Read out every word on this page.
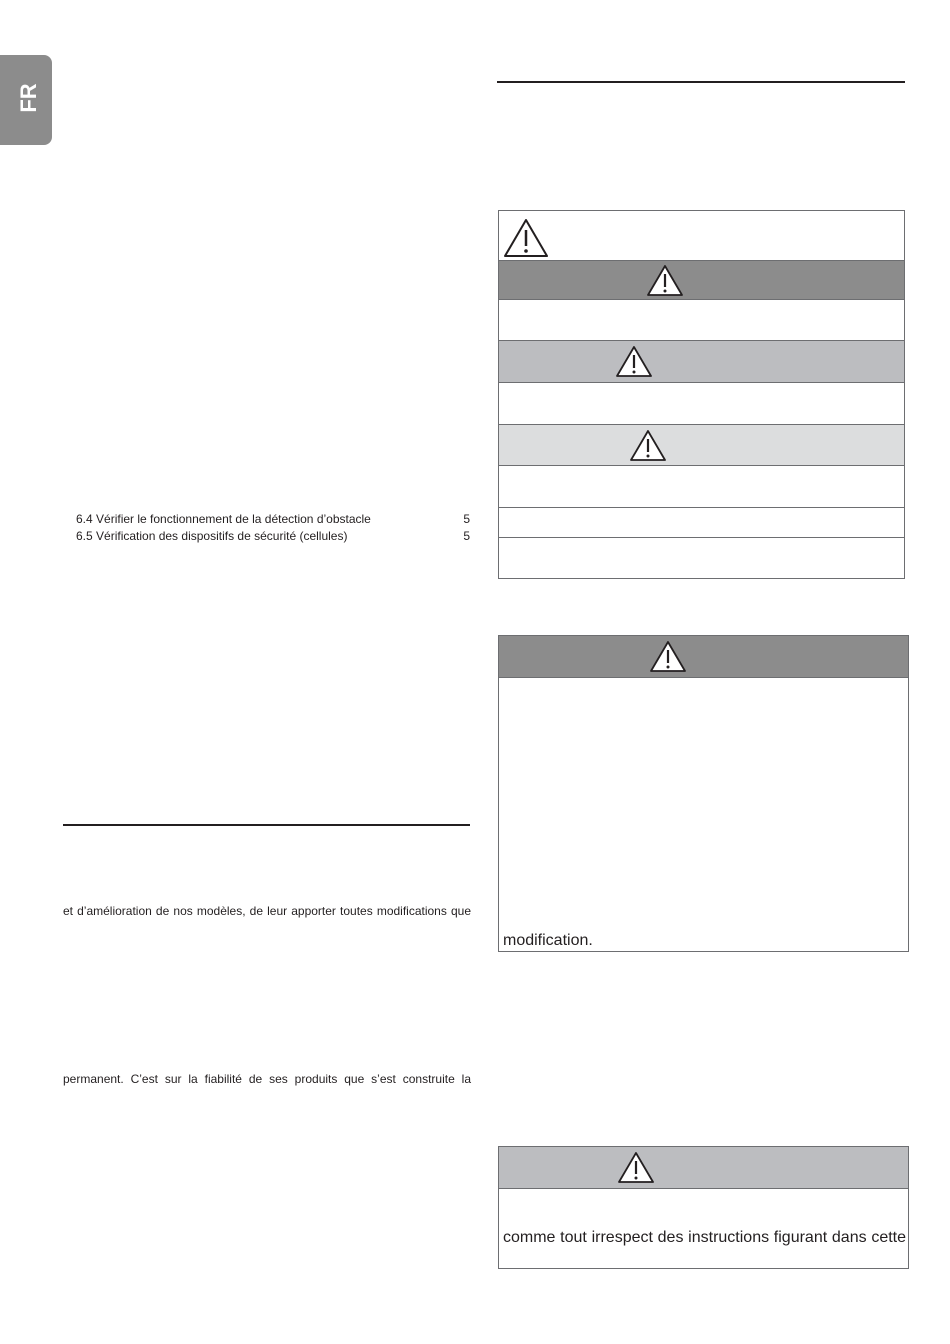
FR
6.4 Vérifier le fonctionnement de la détection d’obstacle	5
6.5 Vérification des dispositifs de sécurité (cellules)	5
et d’amélioration de nos modèles, de leur apporter toutes modifications que
permanent. C’est sur la fiabilité de ses produits que s’est construite la
modification.
comme tout irrespect des instructions figurant dans cette
